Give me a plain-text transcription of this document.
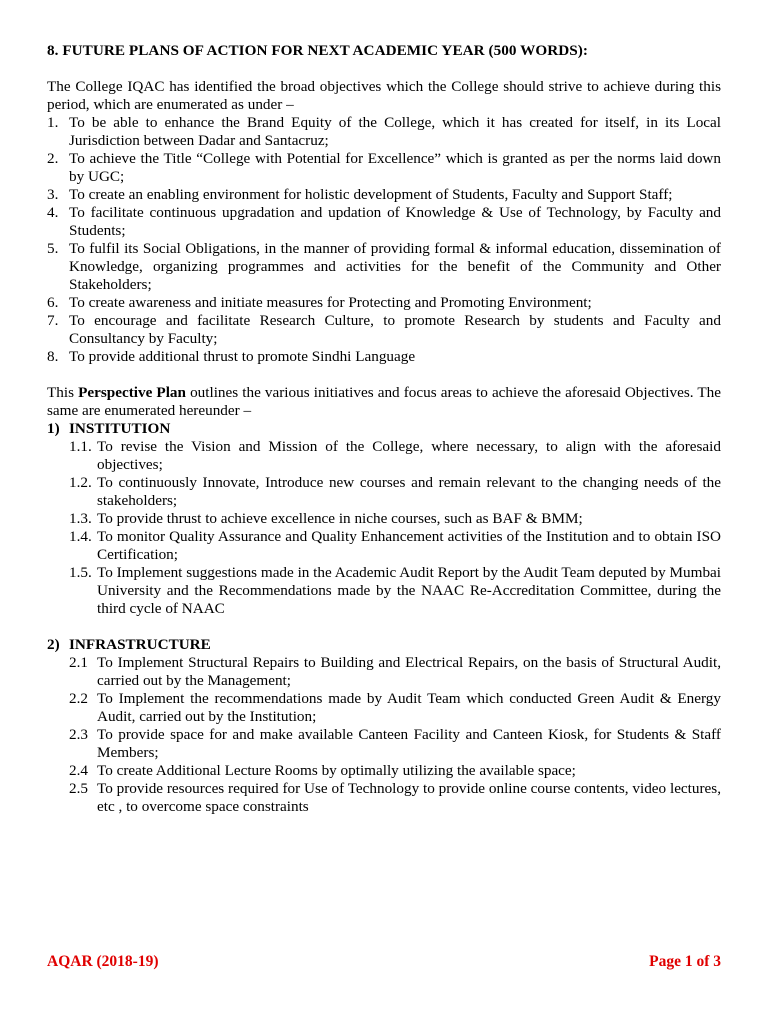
8. FUTURE PLANS OF ACTION FOR NEXT ACADEMIC YEAR (500 WORDS):

The College IQAC has identified the broad objectives which the College should strive to achieve during this period, which are enumerated as under –

1. To be able to enhance the Brand Equity of the College, which it has created for itself, in its Local Jurisdiction between Dadar and Santacruz;
2. To achieve the Title “College with Potential for Excellence” which is granted as per the norms laid down by UGC;
3. To create an enabling environment for holistic development of Students, Faculty and Support Staff;
4. To facilitate continuous upgradation and updation of Knowledge & Use of Technology, by Faculty and Students;
5. To fulfil its Social Obligations, in the manner of providing formal & informal education, dissemination of Knowledge, organizing programmes and activities for the benefit of the Community and Other Stakeholders;
6. To create awareness and initiate measures for Protecting and Promoting Environment;
7. To encourage and facilitate Research Culture, to promote Research by students and Faculty and Consultancy by Faculty;
8. To provide additional thrust to promote Sindhi Language

This Perspective Plan outlines the various initiatives and focus areas to achieve the aforesaid Objectives. The same are enumerated hereunder –

1) INSTITUTION
1.1. To revise the Vision and Mission of the College, where necessary, to align with the aforesaid objectives;
1.2. To continuously Innovate, Introduce new courses and remain relevant to the changing needs of the stakeholders;
1.3. To provide thrust to achieve excellence in niche courses, such as BAF & BMM;
1.4. To monitor Quality Assurance and Quality Enhancement activities of the Institution and to obtain ISO Certification;
1.5. To Implement suggestions made in the Academic Audit Report by the Audit Team deputed by Mumbai University and the Recommendations made by the NAAC Re-Accreditation Committee, during the third cycle of NAAC
2) INFRASTRUCTURE
2.1 To Implement Structural Repairs to Building and Electrical Repairs, on the basis of Structural Audit, carried out by the Management;
2.2 To Implement the recommendations made by Audit Team which conducted Green Audit & Energy Audit, carried out by the Institution;
2.3 To provide space for and make available Canteen Facility and Canteen Kiosk, for Students & Staff Members;
2.4 To create Additional Lecture Rooms by optimally utilizing the available space;
2.5 To provide resources required for Use of Technology to provide online course contents, video lectures, etc , to overcome space constraints
AQAR (2018-19)	Page 1 of 3
